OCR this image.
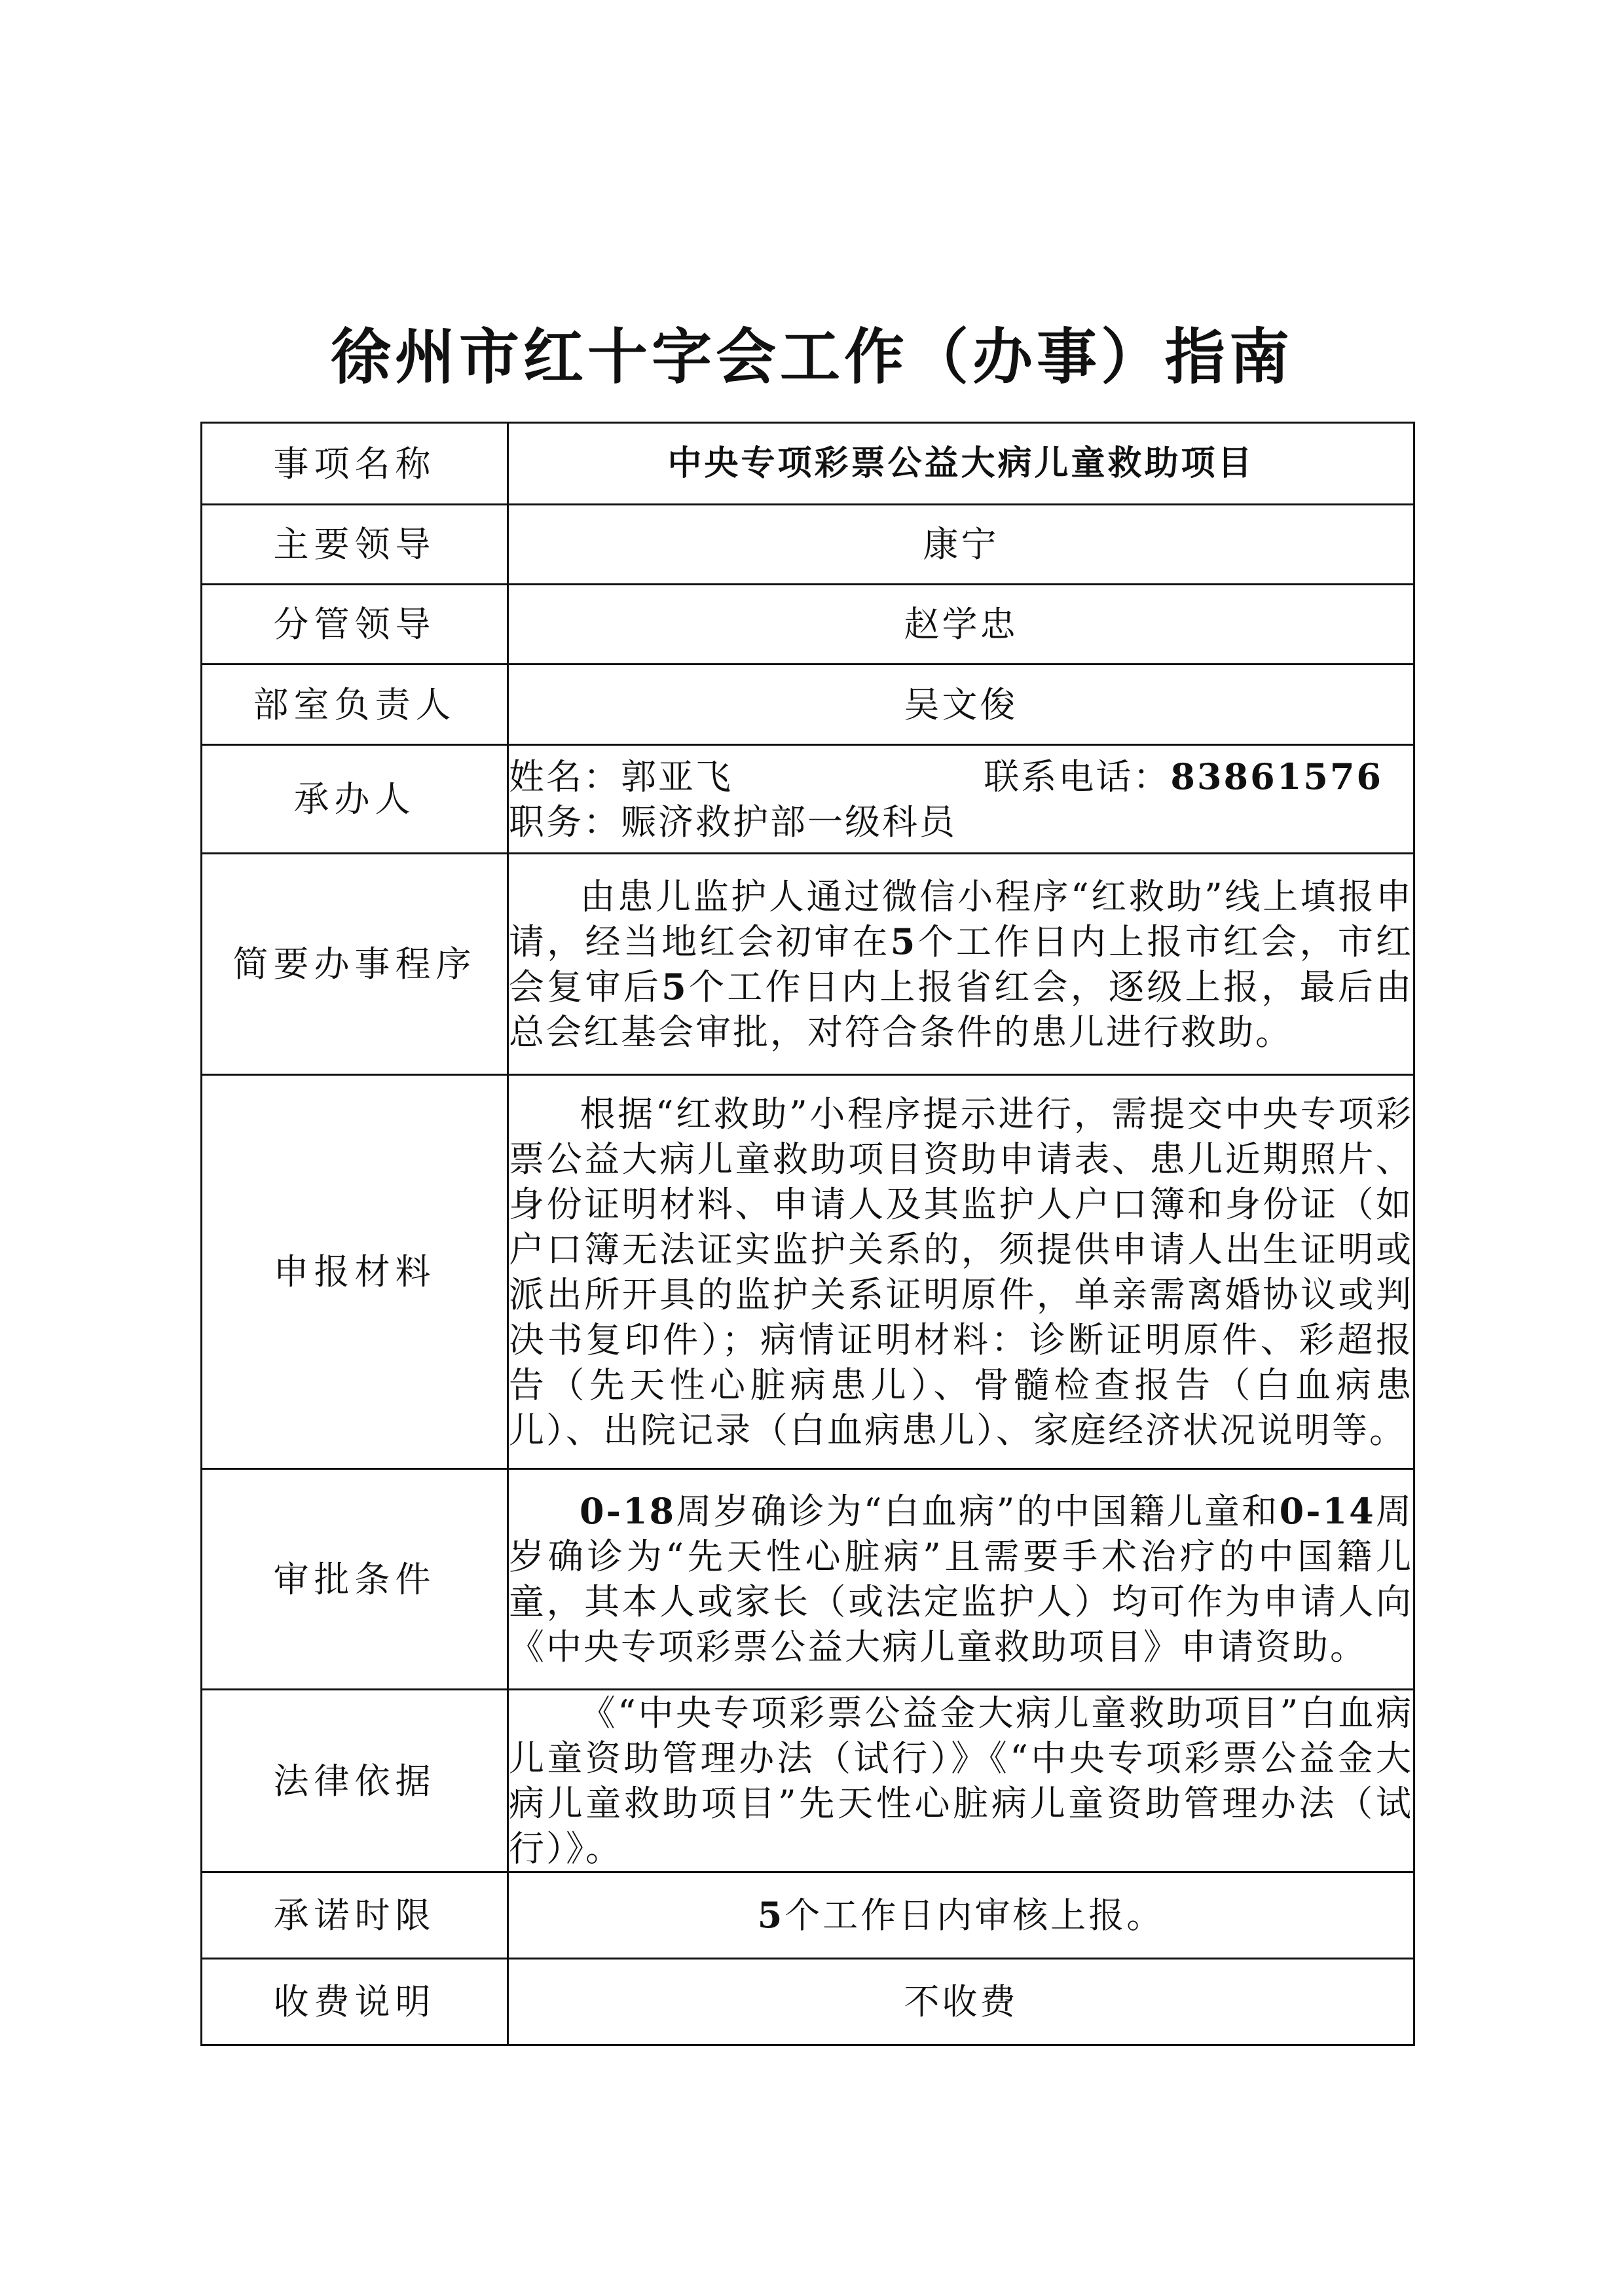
徐州市红十字会工作（办事）指南
事项名称	中央专项彩票公益大病儿童救助项目
主要领导	康宁
分管领导	赵学忠
部室负责人	吴文俊
承办人	姓名：郭亚飞 联系电话：83861576
职务：赈济救护部一级科员

简要办事程序	由患儿监护人通过微信小程序“红救助”线上填报申请，经当地红会初审在5个工作日内上报市红会，市红会复审后5个工作日内上报省红会，逐级上报，最后由总会红基会审批，对符合条件的患儿进行救助。
申报材料	根据“红救助”小程序提示进行，需提交中央专项彩票公益大病儿童救助项目资助申请表、患儿近期照片、身份证明材料、申请人及其监护人户口簿和身份证（如户口簿无法证实监护关系的，须提供申请人出生证明或派出所开具的监护关系证明原件，单亲需离婚协议或判决书复印件）；病情证明材料：诊断证明原件、彩超报告（先天性心脏病患儿）、骨髓检查报告（白血病患儿）、出院记录（白血病患儿）、家庭经济状况说明等。
审批条件	0-18周岁确诊为“白血病”的中国籍儿童和0-14周岁确诊为“先天性心脏病”且需要手术治疗的中国籍儿童，其本人或家长（或法定监护人）均可作为申请人向《中央专项彩票公益大病儿童救助项目》申请资助。
法律依据	《“中央专项彩票公益金大病儿童救助项目”白血病儿童资助管理办法（试行）》《“中央专项彩票公益金大病儿童救助项目”先天性心脏病儿童资助管理办法（试行）》。
承诺时限	5个工作日内审核上报。
收费说明	不收费
